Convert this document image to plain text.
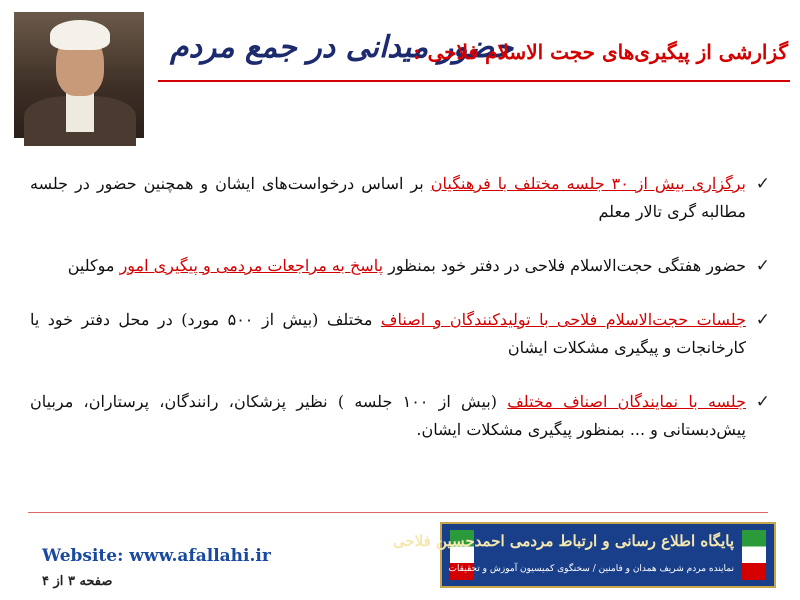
حضور میدانی در جمع مردم
گزارشی از پیگیری‌های حجت الاسلام فلاحی :
✓
برگزاری بیش از ۳۰ جلسه مختلف با فرهنگیان بر اساس درخواست‌های ایشان و همچنین حضور در جلسه مطالبه گری تالار معلم
✓
حضور هفتگی حجت‌الاسلام فلاحی در دفتر خود بمنظور پاسخ به مراجعات مردمی و پیگیری امور موکلین
✓
جلسات حجت‌الاسلام فلاحی با تولیدکنندگان و اصناف مختلف (بیش از ۵۰۰ مورد) در محل دفتر خود یا کارخانجات و پیگیری مشکلات ایشان
✓
جلسه با نمایندگان اصناف مختلف (بیش از ۱۰۰ جلسه ) نظیر پزشکان، رانندگان، پرستاران، مربیان پیش‌دبستانی و ... بمنظور پیگیری مشکلات ایشان.
Website: www.afallahi.ir
صفحه ۳ از ۴
پایگاه اطلاع رسانی و ارتباط مردمی احمدحسین فلاحی
نماینده مردم شریف همدان و فامنین / سخنگوی کمیسیون آموزش و تحقیقات
